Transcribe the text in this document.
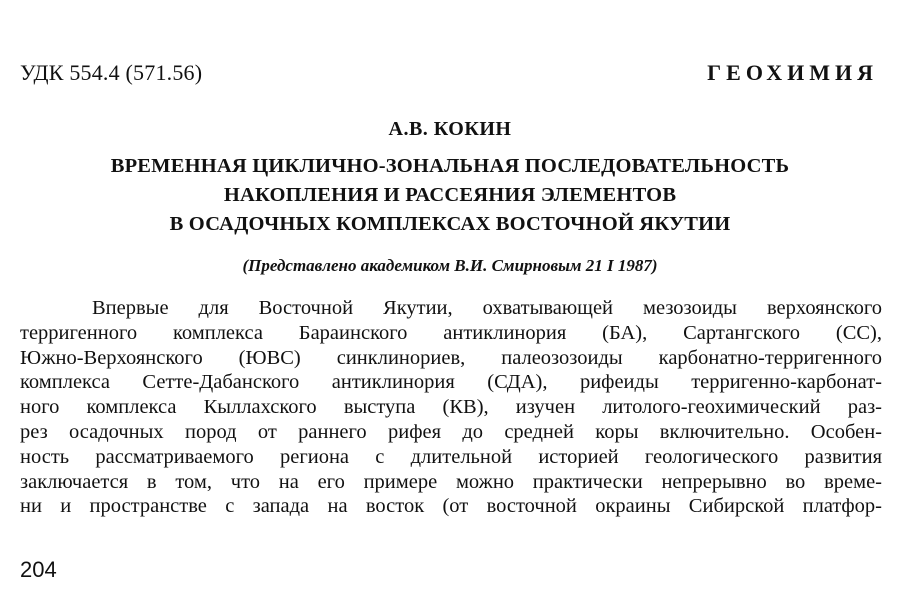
УДК 554.4 (571.56)	ГЕОХИМИЯ
А.В. КОКИН
ВРЕМЕННАЯ ЦИКЛИЧНО-ЗОНАЛЬНАЯ ПОСЛЕДОВАТЕЛЬНОСТЬ
НАКОПЛЕНИЯ И РАССЕЯНИЯ ЭЛЕМЕНТОВ
В ОСАДОЧНЫХ КОМПЛЕКСАХ ВОСТОЧНОЙ ЯКУТИИ
(Представлено академиком В.И. Смирновым 21 I 1987)
Впервые для Восточной Якутии, охватывающей мезозоиды верхоянского
терригенного комплекса Бараинского антиклинория (БА), Сартангского (СС),
Южно-Верхоянского (ЮВС) синклинориев, палеозозоиды карбонатно-терригенного
комплекса Сетте-Дабанского антиклинория (СДА), рифеиды терригенно-карбонат-
ного комплекса Кыллахского выступа (КВ), изучен литолого-геохимический раз-
рез осадочных пород от раннего рифея до средней коры включительно. Особен-
ность рассматриваемого региона с длительной историей геологического развития
заключается в том, что на его примере можно практически непрерывно во време-
ни и пространстве с запада на восток (от восточной окраины Сибирской платфор-
204
